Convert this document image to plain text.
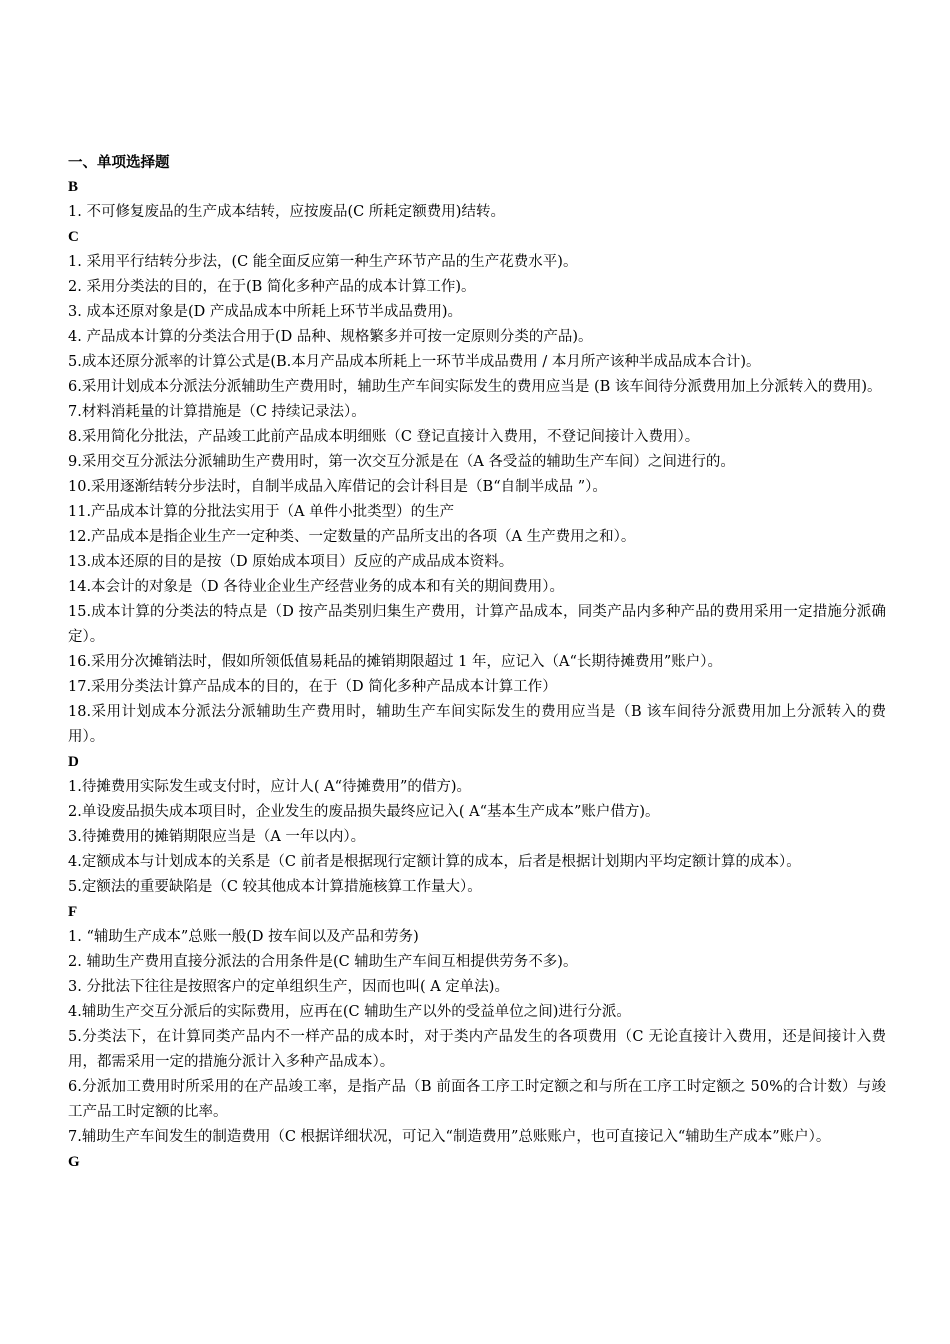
一、单项选择题
B
1. 不可修复废品的生产成本结转，应按废品(C 所耗定额费用)结转。
C
1. 采用平行结转分步法，(C 能全面反应第一种生产环节产品的生产花费水平)。
2. 采用分类法的目的，在于(B 简化多种产品的成本计算工作)。
3. 成本还原对象是(D 产成品成本中所耗上环节半成品费用)。
4. 产品成本计算的分类法合用于(D 品种、规格繁多并可按一定原则分类的产品)。
5.成本还原分派率的计算公式是(B.本月产品成本所耗上一环节半成品费用 / 本月所产该种半成品成本合计)。
6.采用计划成本分派法分派辅助生产费用时，辅助生产车间实际发生的费用应当是 (B 该车间待分派费用加上分派转入的费用)。
7.材料消耗量的计算措施是（C 持续记录法）。
8.采用简化分批法，产品竣工此前产品成本明细账（C 登记直接计入费用，不登记间接计入费用）。
9.采用交互分派法分派辅助生产费用时，第一次交互分派是在（A 各受益的辅助生产车间）之间进行的。
10.采用逐渐结转分步法时，自制半成品入库借记的会计科目是（B“自制半成品 ”）。
11.产品成本计算的分批法实用于（A 单件小批类型）的生产
12.产品成本是指企业生产一定种类、一定数量的产品所支出的各项（A 生产费用之和）。
13.成本还原的目的是按（D 原始成本项目）反应的产成品成本资料。
14.本会计的对象是（D 各待业企业生产经营业务的成本和有关的期间费用）。
15.成本计算的分类法的特点是（D 按产品类别归集生产费用，计算产品成本，同类产品内多种产品的费用采用一定措施分派确定）。
16.采用分次摊销法时，假如所领低值易耗品的摊销期限超过 1 年，应记入（A“长期待摊费用”账户）。
17.采用分类法计算产品成本的目的，在于（D 简化多种产品成本计算工作）
18.采用计划成本分派法分派辅助生产费用时，辅助生产车间实际发生的费用应当是（B 该车间待分派费用加上分派转入的费用）。
D
1.待摊费用实际发生或支付时，应计人( A“待摊费用”的借方)。
2.单设废品损失成本项目时，企业发生的废品损失最终应记入( A“基本生产成本”账户借方)。
3.待摊费用的摊销期限应当是（A 一年以内）。
4.定额成本与计划成本的关系是（C 前者是根据现行定额计算的成本，后者是根据计划期内平均定额计算的成本）。
5.定额法的重要缺陷是（C 较其他成本计算措施核算工作量大）。
F
1. “辅助生产成本”总账一般(D 按车间以及产品和劳务)
2. 辅助生产费用直接分派法的合用条件是(C 辅助生产车间互相提供劳务不多)。
3. 分批法下往往是按照客户的定单组织生产，因而也叫( A 定单法)。
4.辅助生产交互分派后的实际费用，应再在(C 辅助生产以外的受益单位之间)进行分派。
5.分类法下，在计算同类产品内不一样产品的成本时，对于类内产品发生的各项费用（C 无论直接计入费用，还是间接计入费用，都需采用一定的措施分派计入多种产品成本）。
6.分派加工费用时所采用的在产品竣工率，是指产品（B 前面各工序工时定额之和与所在工序工时定额之 50%的合计数）与竣工产品工时定额的比率。
7.辅助生产车间发生的制造费用（C 根据详细状况，可记入“制造费用”总账账户，也可直接记入“辅助生产成本”账户）。
G
